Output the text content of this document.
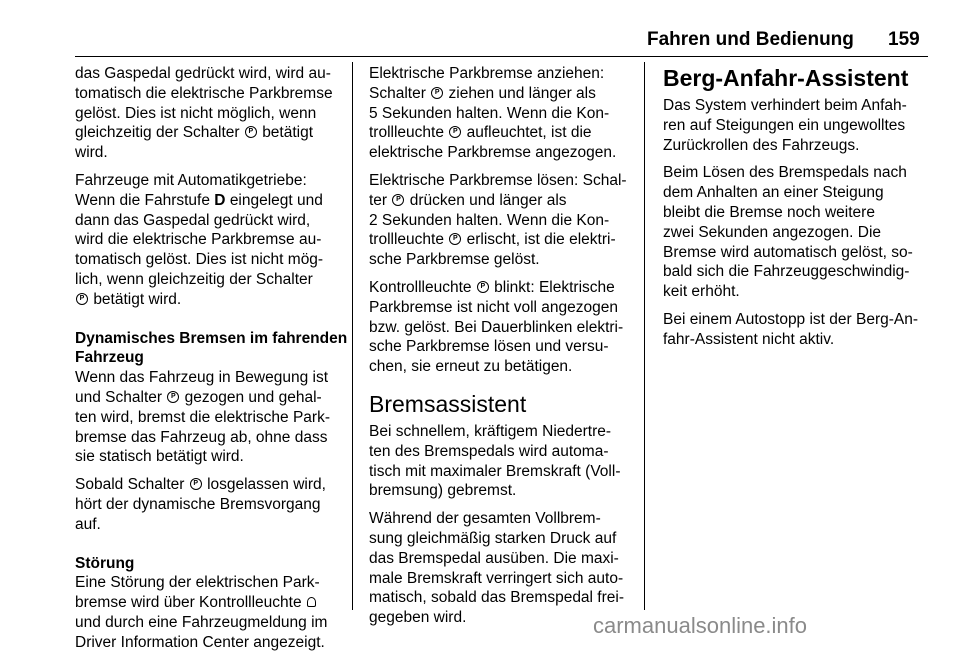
Fahren und Bedienung 159
das Gaspedal gedrückt wird, wird au-
tomatisch die elektrische Parkbremse
gelöst. Dies ist nicht möglich, wenn
gleichzeitig der Schalter P betätigt
wird.
Fahrzeuge mit Automatikgetriebe:
Wenn die Fahrstufe D eingelegt und
dann das Gaspedal gedrückt wird,
wird die elektrische Parkbremse au-
tomatisch gelöst. Dies ist nicht mög-
lich, wenn gleichzeitig der Schalter
P betätigt wird.
Dynamisches Bremsen im fahrenden
Fahrzeug
Wenn das Fahrzeug in Bewegung ist
und Schalter P gezogen und gehal-
ten wird, bremst die elektrische Park-
bremse das Fahrzeug ab, ohne dass
sie statisch betätigt wird.
Sobald Schalter P losgelassen wird,
hört der dynamische Bremsvorgang
auf.
Störung
Eine Störung der elektrischen Park-
bremse wird über Kontrollleuchte
und durch eine Fahrzeugmeldung im
Driver Information Center angezeigt.
Elektrische Parkbremse anziehen:
Schalter P ziehen und länger als
5 Sekunden halten. Wenn die Kon-
trollleuchte P aufleuchtet, ist die
elektrische Parkbremse angezogen.
Elektrische Parkbremse lösen: Schal-
ter P drücken und länger als
2 Sekunden halten. Wenn die Kon-
trollleuchte P erlischt, ist die elektri-
sche Parkbremse gelöst.
Kontrollleuchte P blinkt: Elektrische
Parkbremse ist nicht voll angezogen
bzw. gelöst. Bei Dauerblinken elektri-
sche Parkbremse lösen und versu-
chen, sie erneut zu betätigen.
Bremsassistent
Bei schnellem, kräftigem Niedertre-
ten des Bremspedals wird automa-
tisch mit maximaler Bremskraft (Voll-
bremsung) gebremst.
Während der gesamten Vollbrem-
sung gleichmäßig starken Druck auf
das Bremspedal ausüben. Die maxi-
male Bremskraft verringert sich auto-
matisch, sobald das Bremspedal frei-
gegeben wird.
Berg-Anfahr-Assistent
Das System verhindert beim Anfah-
ren auf Steigungen ein ungewolltes
Zurückrollen des Fahrzeugs.
Beim Lösen des Bremspedals nach
dem Anhalten an einer Steigung
bleibt die Bremse noch weitere
zwei Sekunden angezogen. Die
Bremse wird automatisch gelöst, so-
bald sich die Fahrzeuggeschwindig-
keit erhöht.
Bei einem Autostopp ist der Berg-An-
fahr-Assistent nicht aktiv.
carmanualsonline.info
